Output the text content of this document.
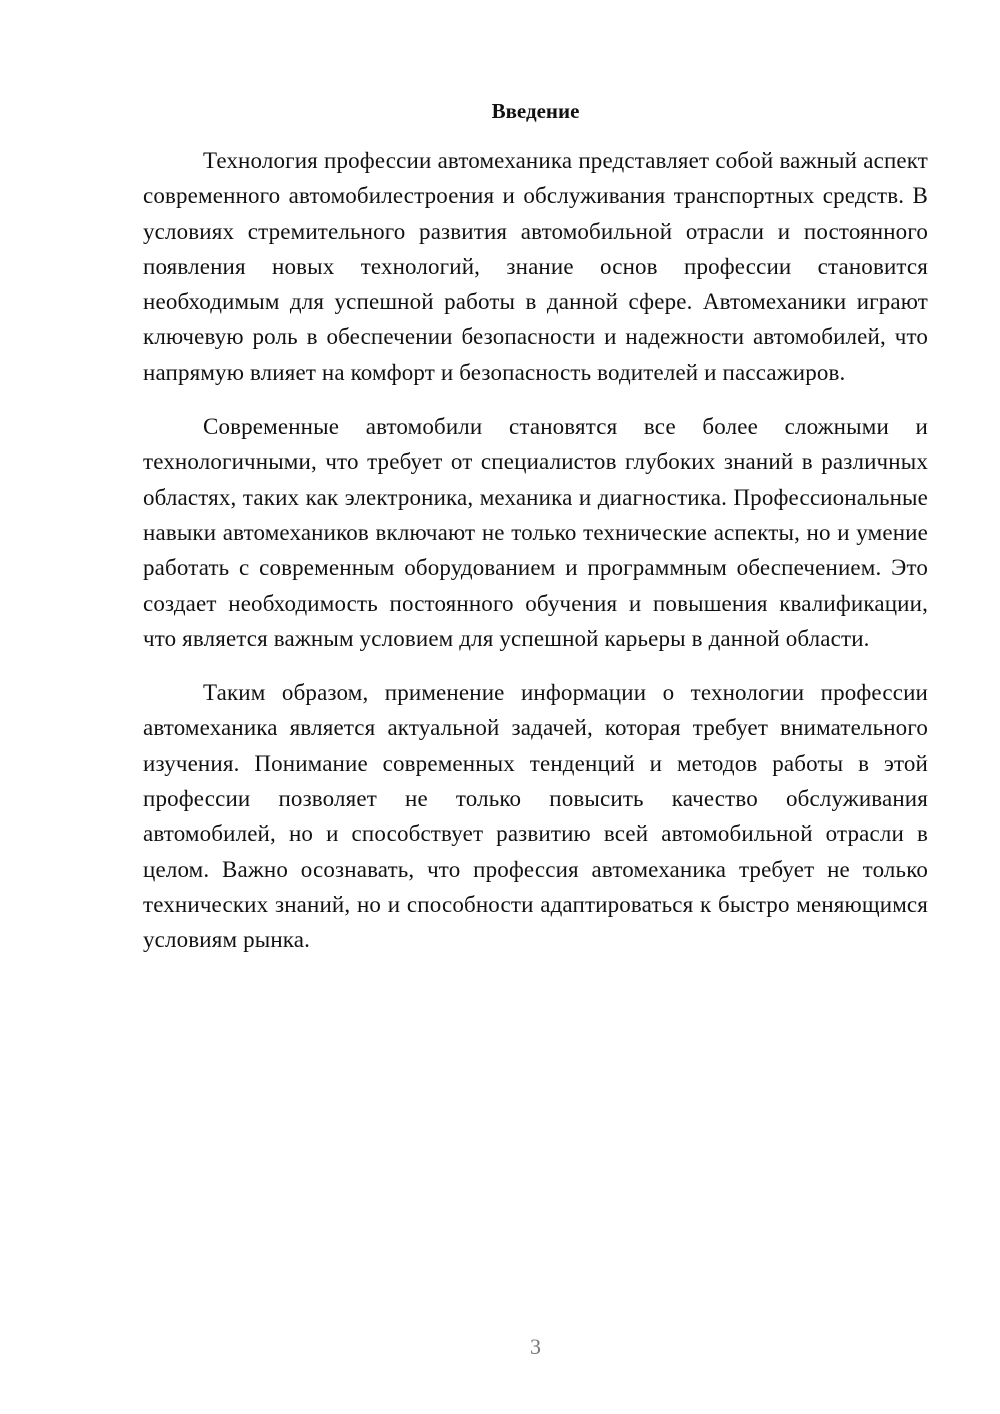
Введение

Технология профессии автомеханика представляет собой важный аспект современного автомобилестроения и обслуживания транспортных средств. В условиях стремительного развития автомобильной отрасли и постоянного появления новых технологий, знание основ профессии становится необходимым для успешной работы в данной сфере. Автомеханики играют ключевую роль в обеспечении безопасности и надежности автомобилей, что напрямую влияет на комфорт и безопасность водителей и пассажиров.

Современные автомобили становятся все более сложными и технологичными, что требует от специалистов глубоких знаний в различных областях, таких как электроника, механика и диагностика. Профессиональные навыки автомехаников включают не только технические аспекты, но и умение работать с современным оборудованием и программным обеспечением. Это создает необходимость постоянного обучения и повышения квалификации, что является важным условием для успешной карьеры в данной области.

Таким образом, применение информации о технологии профессии автомеханика является актуальной задачей, которая требует внимательного изучения. Понимание современных тенденций и методов работы в этой профессии позволяет не только повысить качество обслуживания автомобилей, но и способствует развитию всей автомобильной отрасли в целом. Важно осознавать, что профессия автомеханика требует не только технических знаний, но и способности адаптироваться к быстро меняющимся условиям рынка.

3
